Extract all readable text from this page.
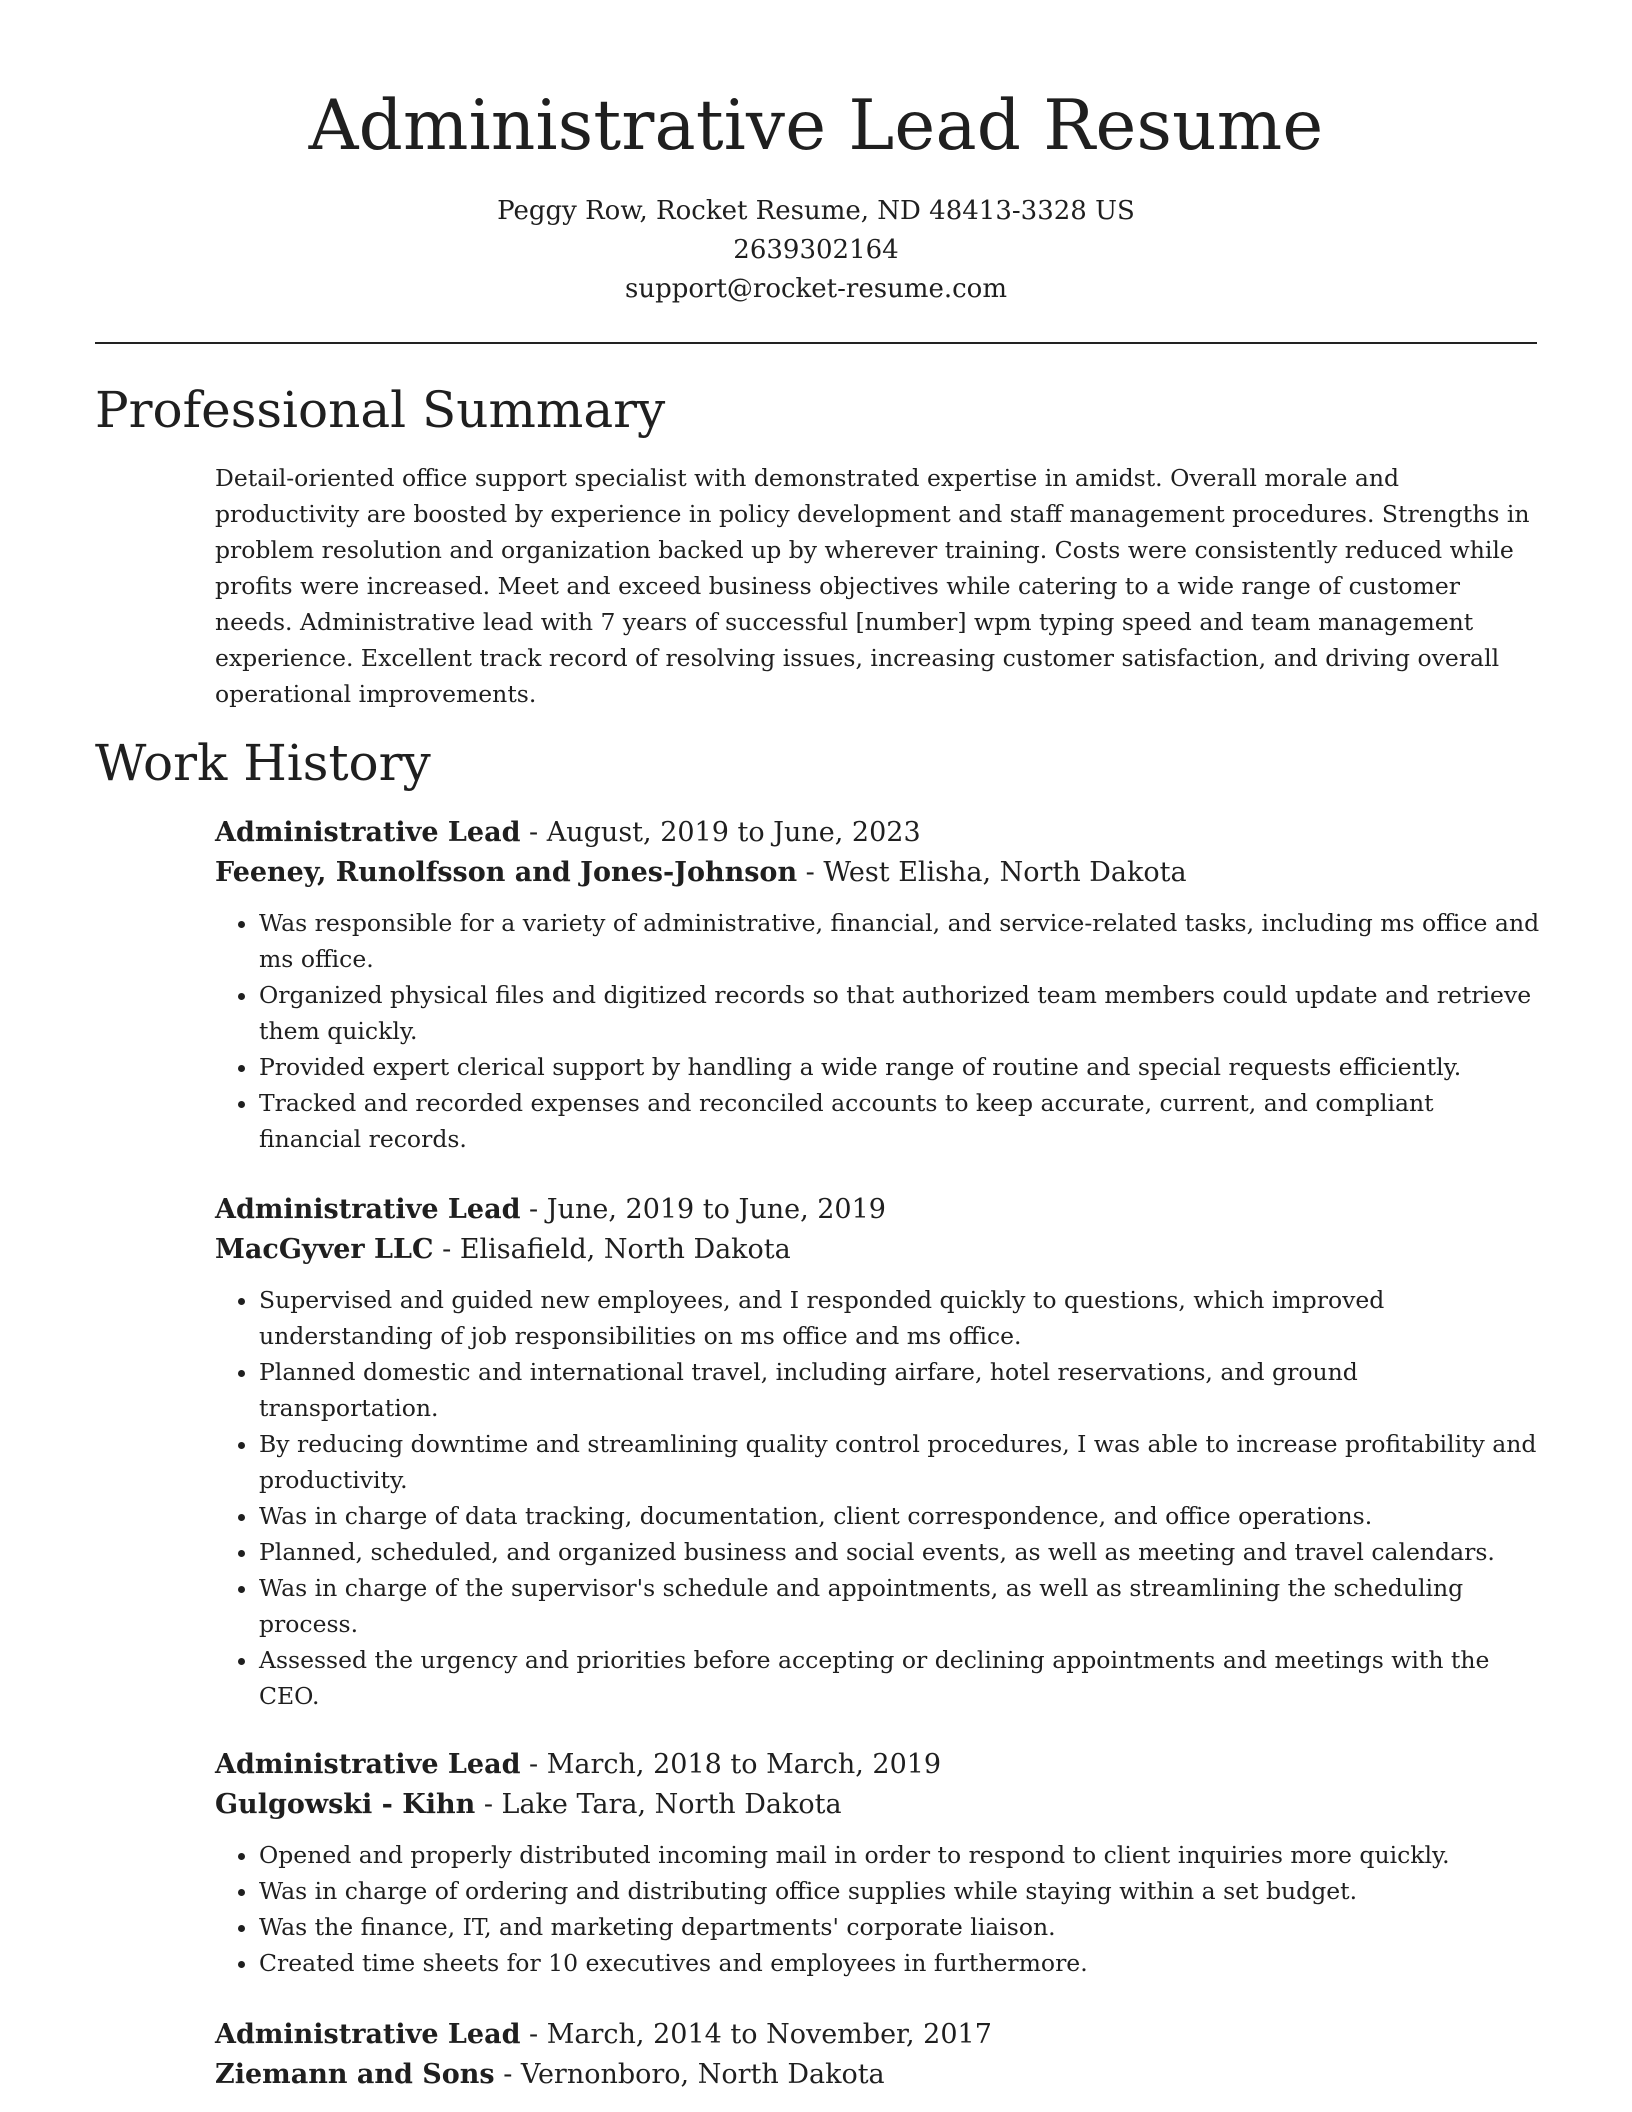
Administrative Lead Resume
Peggy Row, Rocket Resume, ND 48413-3328 US
2639302164
support@rocket-resume.com
Professional Summary

Detail-oriented office support specialist with demonstrated expertise in amidst. Overall morale and productivity are boosted by experience in policy development and staff management procedures. Strengths in problem resolution and organization backed up by wherever training. Costs were consistently reduced while profits were increased. Meet and exceed business objectives while catering to a wide range of customer needs. Administrative lead with 7 years of successful [number] wpm typing speed and team management experience. Excellent track record of resolving issues, increasing customer satisfaction, and driving overall operational improvements.

Work History
Administrative Lead - August, 2019 to June, 2023
Feeney, Runolfsson and Jones-Johnson - West Elisha, North Dakota
• Was responsible for a variety of administrative, financial, and service-related tasks, including ms office and ms office.
• Organized physical files and digitized records so that authorized team members could update and retrieve them quickly.
• Provided expert clerical support by handling a wide range of routine and special requests efficiently.
• Tracked and recorded expenses and reconciled accounts to keep accurate, current, and compliant financial records.
Administrative Lead - June, 2019 to June, 2019
MacGyver LLC - Elisafield, North Dakota
• Supervised and guided new employees, and I responded quickly to questions, which improved understanding of job responsibilities on ms office and ms office.
• Planned domestic and international travel, including airfare, hotel reservations, and ground transportation.
• By reducing downtime and streamlining quality control procedures, I was able to increase profitability and productivity.
• Was in charge of data tracking, documentation, client correspondence, and office operations.
• Planned, scheduled, and organized business and social events, as well as meeting and travel calendars.
• Was in charge of the supervisor's schedule and appointments, as well as streamlining the scheduling process.
• Assessed the urgency and priorities before accepting or declining appointments and meetings with the CEO.
Administrative Lead - March, 2018 to March, 2019
Gulgowski - Kihn - Lake Tara, North Dakota
• Opened and properly distributed incoming mail in order to respond to client inquiries more quickly.
• Was in charge of ordering and distributing office supplies while staying within a set budget.
• Was the finance, IT, and marketing departments' corporate liaison.
• Created time sheets for 10 executives and employees in furthermore.
Administrative Lead - March, 2014 to November, 2017
Ziemann and Sons - Vernonboro, North Dakota
